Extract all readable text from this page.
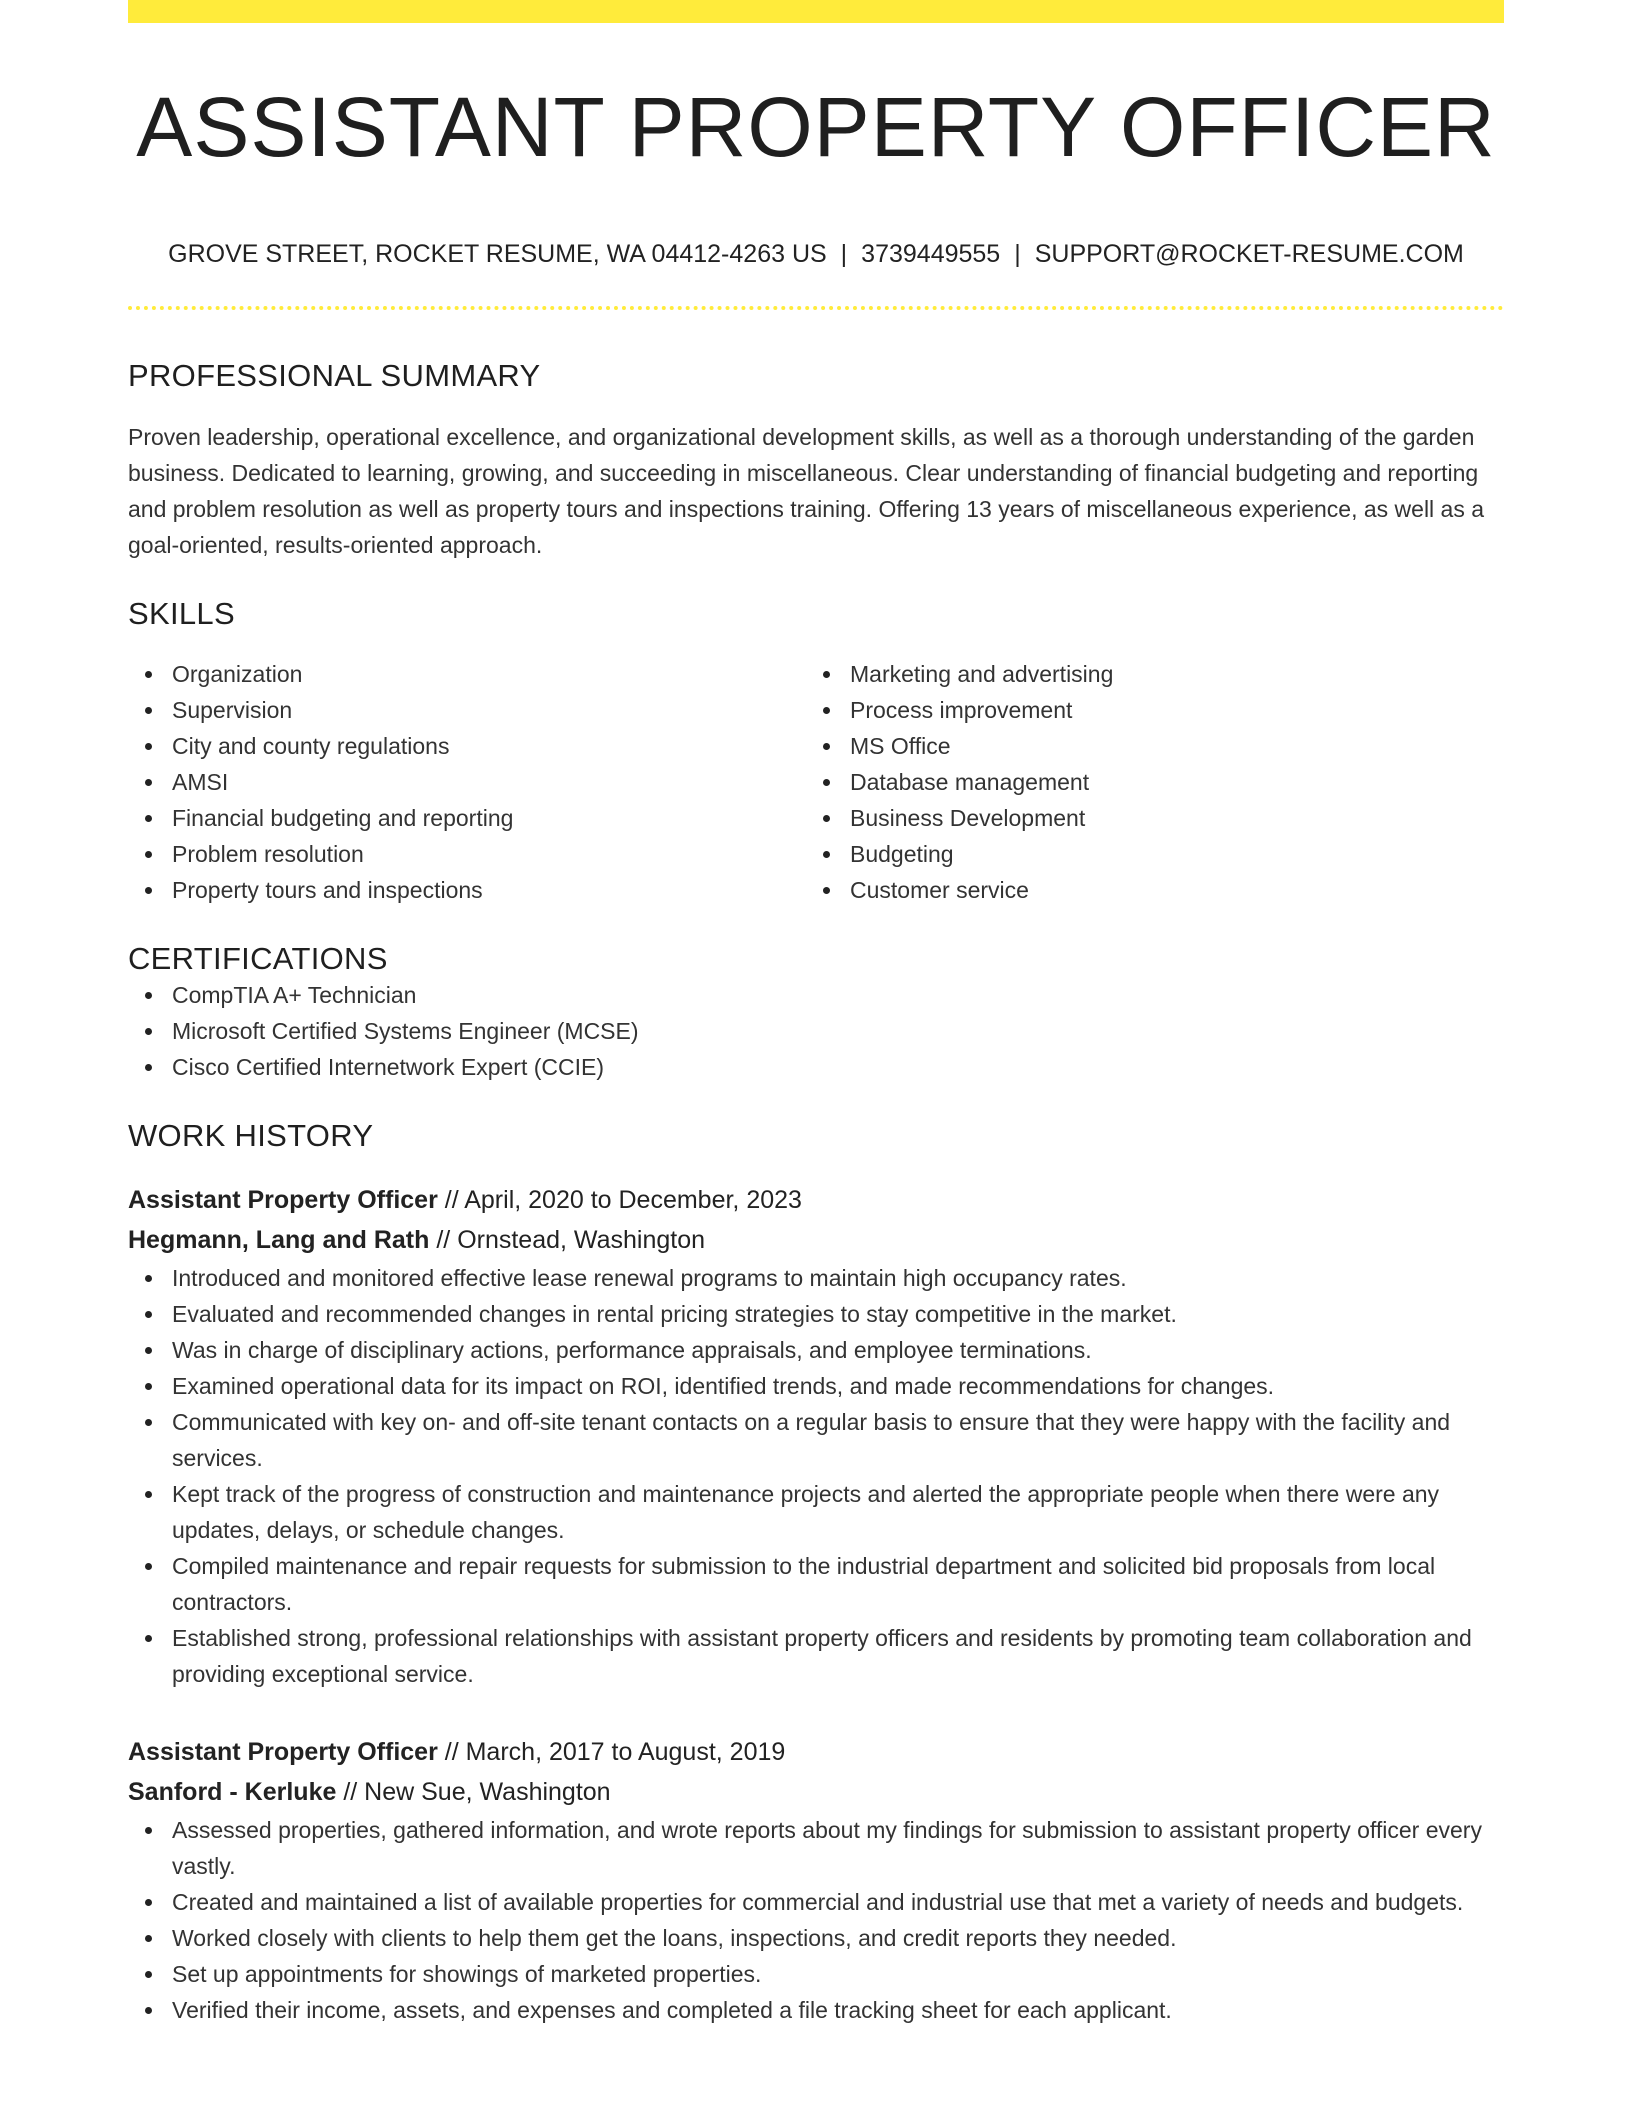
ASSISTANT PROPERTY OFFICER
GROVE STREET, ROCKET RESUME, WA 04412-4263 US | 3739449555 | SUPPORT@ROCKET-RESUME.COM
PROFESSIONAL SUMMARY

Proven leadership, operational excellence, and organizational development skills, as well as a thorough understanding of the garden business. Dedicated to learning, growing, and succeeding in miscellaneous. Clear understanding of financial budgeting and reporting and problem resolution as well as property tours and inspections training. Offering 13 years of miscellaneous experience, as well as a goal-oriented, results-oriented approach.

SKILLS
Organization
Supervision
City and county regulations
AMSI
Financial budgeting and reporting
Problem resolution
Property tours and inspections
Marketing and advertising
Process improvement
MS Office
Database management
Business Development
Budgeting
Customer service
CERTIFICATIONS
CompTIA A+ Technician
Microsoft Certified Systems Engineer (MCSE)
Cisco Certified Internetwork Expert (CCIE)
WORK HISTORY
Assistant Property Officer // April, 2020 to December, 2023
Hegmann, Lang and Rath // Ornstead, Washington
Introduced and monitored effective lease renewal programs to maintain high occupancy rates.
Evaluated and recommended changes in rental pricing strategies to stay competitive in the market.
Was in charge of disciplinary actions, performance appraisals, and employee terminations.
Examined operational data for its impact on ROI, identified trends, and made recommendations for changes.
Communicated with key on- and off-site tenant contacts on a regular basis to ensure that they were happy with the facility and services.
Kept track of the progress of construction and maintenance projects and alerted the appropriate people when there were any updates, delays, or schedule changes.
Compiled maintenance and repair requests for submission to the industrial department and solicited bid proposals from local contractors.
Established strong, professional relationships with assistant property officers and residents by promoting team collaboration and providing exceptional service.
Assistant Property Officer // March, 2017 to August, 2019
Sanford - Kerluke // New Sue, Washington
Assessed properties, gathered information, and wrote reports about my findings for submission to assistant property officer every vastly.
Created and maintained a list of available properties for commercial and industrial use that met a variety of needs and budgets.
Worked closely with clients to help them get the loans, inspections, and credit reports they needed.
Set up appointments for showings of marketed properties.
Verified their income, assets, and expenses and completed a file tracking sheet for each applicant.
